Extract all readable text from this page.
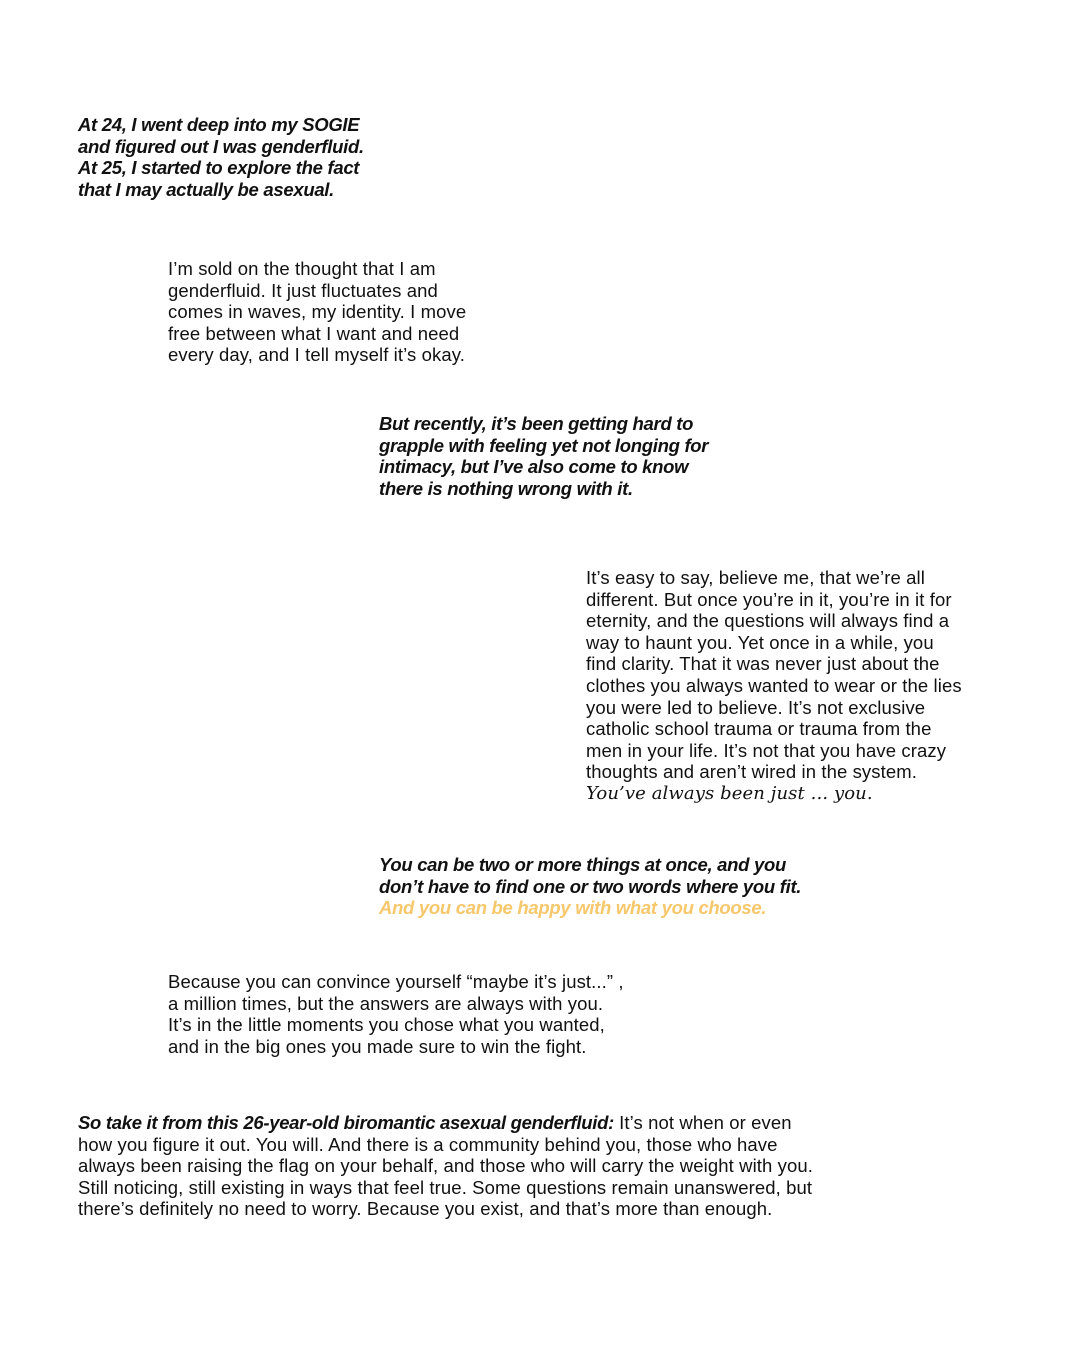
At 24, I went deep into my SOGIE
and figured out I was genderfluid.
At 25, I started to explore the fact
that I may actually be asexual.
I’m sold on the thought that I am
genderfluid. It just fluctuates and
comes in waves, my identity. I move
free between what I want and need
every day, and I tell myself it’s okay.
But recently, it’s been getting hard to
grapple with feeling yet not longing for
intimacy, but I’ve also come to know
there is nothing wrong with it.
It’s easy to say, believe me, that we’re all
different. But once you’re in it, you’re in it for
eternity, and the questions will always find a
way to haunt you. Yet once in a while, you
find clarity. That it was never just about the
clothes you always wanted to wear or the lies
you were led to believe. It’s not exclusive
catholic school trauma or trauma from the
men in your life. It’s not that you have crazy
thoughts and aren’t wired in the system.
You’ve always been just ... you.
You can be two or more things at once, and you
don’t have to find one or two words where you fit.
And you can be happy with what you choose.
Because you can convince yourself “maybe it’s just...” ,
a million times, but the answers are always with you.
It’s in the little moments you chose what you wanted,
and in the big ones you made sure to win the fight.
So take it from this 26-year-old biromantic asexual genderfluid: It’s not when or even
how you figure it out. You will. And there is a community behind you, those who have
always been raising the flag on your behalf, and those who will carry the weight with you.
Still noticing, still existing in ways that feel true. Some questions remain unanswered, but
there’s definitely no need to worry. Because you exist, and that’s more than enough.
